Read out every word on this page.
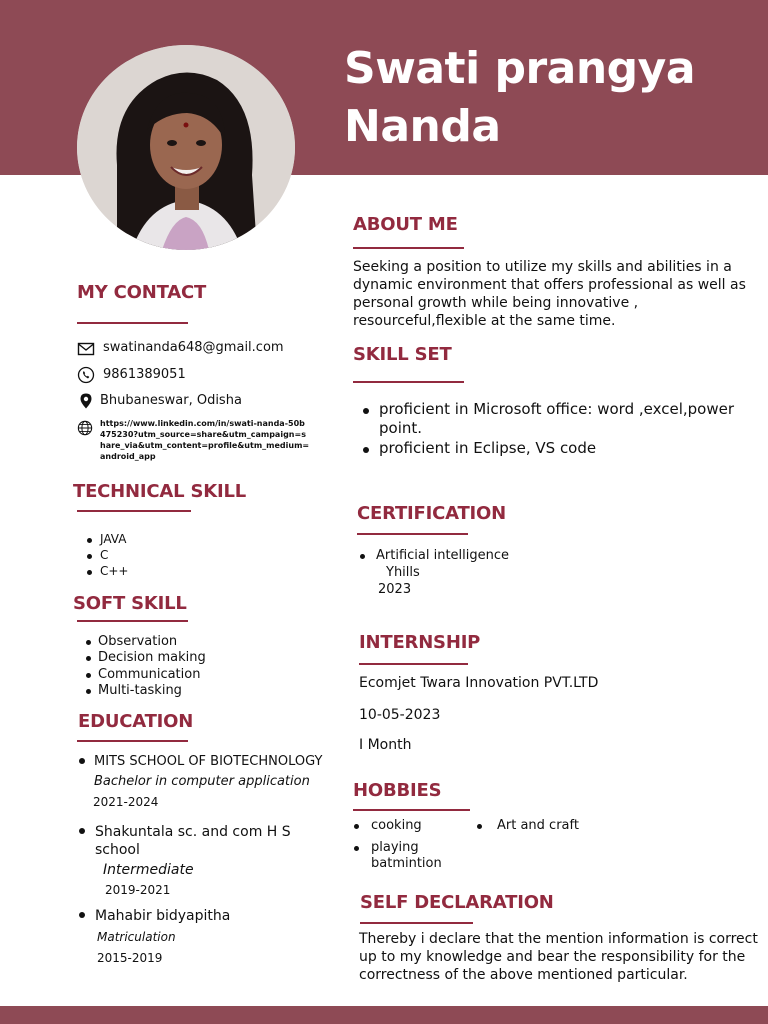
Swati prangya
Nanda
ABOUT ME
Seeking a position to utilize my skills and abilities in a dynamic environment that offers professional as well as personal growth while being innovative , resourceful,flexible at the same time.
MY CONTACT
swatinanda648@gmail.com
9861389051
Bhubaneswar, Odisha
https://www.linkedin.com/in/swati-nanda-50b475230?utm_source=share&utm_campaign=share_via&utm_content=profile&utm_medium=android_app
SKILL SET
proficient in Microsoft office: word ,excel,power point.
proficient in Eclipse, VS code
TECHNICAL SKILL
JAVA
C
C++
CERTIFICATION
Artificial intelligence
Yhills
2023
SOFT SKILL
Observation
Decision making
Communication
Multi-tasking
INTERNSHIP
Ecomjet Twara Innovation PVT.LTD
10-05-2023
I Month
EDUCATION
MITS SCHOOL OF BIOTECHNOLOGY
Bachelor in computer application
2021-2024
Shakuntala sc. and com H S
school
Intermediate
2019-2021
Mahabir bidyapitha
Matriculation
2015-2019
HOBBIES
cooking	Art and craft
playing batmintion
SELF DECLARATION
Thereby i declare that the mention information is correct up to my knowledge and bear the responsibility for the correctness of the above mentioned particular.
